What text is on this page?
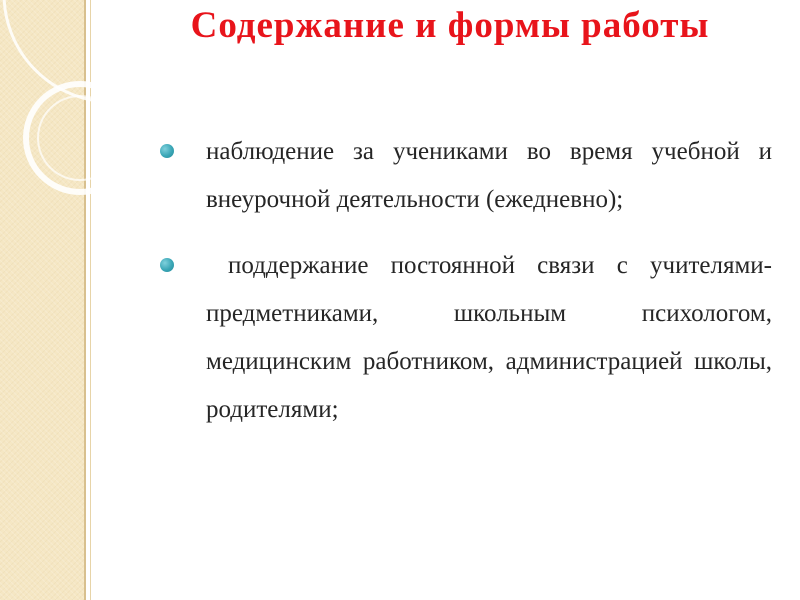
Содержание и формы работы
наблюдение за учениками во время учебной и внеурочной деятельности (ежедневно);
поддержание постоянной связи с учителями-предметниками, школьным психологом, медицинским работником, администрацией школы, родителями;
